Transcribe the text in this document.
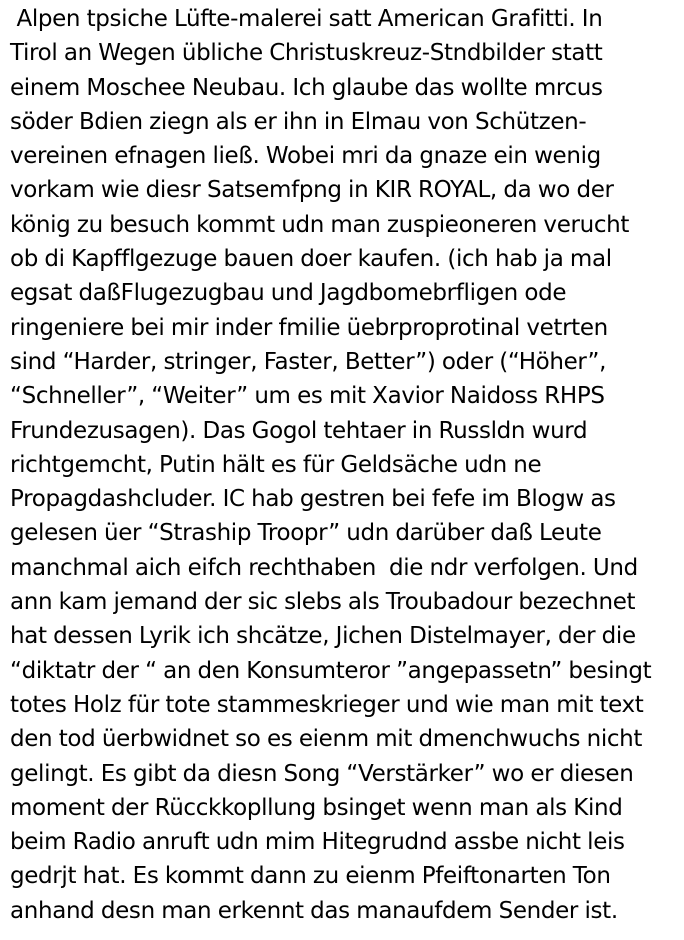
Alpen tpsiche Lüfte-malerei satt American Grafitti. In
Tirol an Wegen übliche Christuskreuz-Stndbilder statt
einem Moschee Neubau. Ich glaube das wollte mrcus
söder Bdien ziegn als er ihn in Elmau von Schützen-
vereinen efnagen ließ. Wobei mri da gnaze ein wenig
vorkam wie diesr Satsemfpng in KIR ROYAL, da wo der
könig zu besuch kommt udn man zuspieoneren verucht
ob di Kapfflgezuge bauen doer kaufen. (ich hab ja mal
egsat daßFlugezugbau und Jagdbomebrfligen ode
ringeniere bei mir inder fmilie üebrproprotinal vetrten
sind “Harder, stringer, Faster, Better”) oder (“Höher”,
“Schneller”, “Weiter” um es mit Xavior Naidoss RHPS
Frundezusagen). Das Gogol tehtaer in Russldn wurd
richtgemcht, Putin hält es für Geldsäche udn ne
Propagdashcluder. IC hab gestren bei fefe im Blogw as
gelesen üer “Straship Troopr” udn darüber daß Leute
manchmal aich eifch rechthaben  die ndr verfolgen. Und
ann kam jemand der sic slebs als Troubadour bezechnet
hat dessen Lyrik ich shcätze, Jichen Distelmayer, der die
“diktatr der “ an den Konsumteror ”angepassetn” besingt
totes Holz für tote stammeskrieger und wie man mit text
den tod üerbwidnet so es eienm mit dmenchwuchs nicht
gelingt. Es gibt da diesn Song “Verstärker” wo er diesen
moment der Rücckkopllung bsinget wenn man als Kind
beim Radio anruft udn mim Hitegrudnd assbe nicht leis
gedrjt hat. Es kommt dann zu eienm Pfeiftonarten Ton
anhand desn man erkennt das manaufdem Sender ist.
